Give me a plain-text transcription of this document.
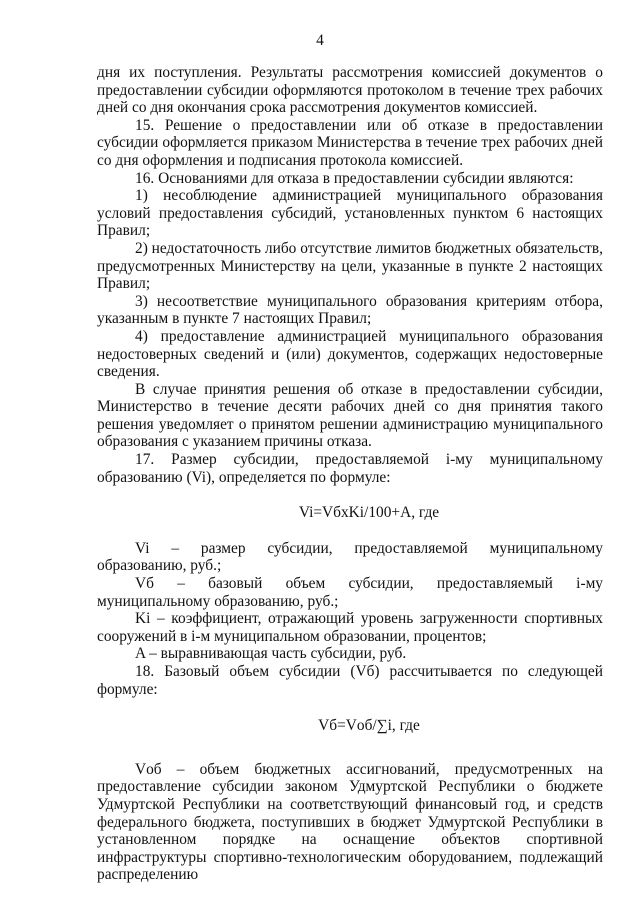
4

дня их поступления. Результаты рассмотрения комиссией документов о предоставлении субсидии оформляются протоколом в течение трех рабочих дней со дня окончания срока рассмотрения документов комиссией.

15. Решение о предоставлении или об отказе в предоставлении субсидии оформляется приказом Министерства в течение трех рабочих дней со дня оформления и подписания протокола комиссией.

16. Основаниями для отказа в предоставлении субсидии являются:

1) несоблюдение администрацией муниципального образования условий предоставления субсидий, установленных пунктом 6 настоящих Правил;

2) недостаточность либо отсутствие лимитов бюджетных обязательств, предусмотренных Министерству на цели, указанные в пункте 2 настоящих Правил;

3) несоответствие муниципального образования критериям отбора, указанным в пункте 7 настоящих Правил;

4) предоставление администрацией муниципального образования недостоверных сведений и (или) документов, содержащих недостоверные сведения.

В случае принятия решения об отказе в предоставлении субсидии, Министерство в течение десяти рабочих дней со дня принятия такого решения уведомляет о принятом решении администрацию муниципального образования с указанием причины отказа.

17. Размер субсидии, предоставляемой i-му муниципальному образованию (Vi), определяется по формуле:

Vi=VбxKi/100+A, где

Vi – размер субсидии, предоставляемой муниципальному образованию, руб.;

Vб – базовый объем субсидии, предоставляемый i-му муниципальному образованию, руб.;

Ki – коэффициент, отражающий уровень загруженности спортивных сооружений в i-м муниципальном образовании, процентов;

A – выравнивающая часть субсидии, руб.

18. Базовый объем субсидии (Vб) рассчитывается по следующей формуле:

Vб=Vоб/∑i, где

Vоб – объем бюджетных ассигнований, предусмотренных на предоставление субсидии законом Удмуртской Республики о бюджете Удмуртской Республики на соответствующий финансовый год, и средств федерального бюджета, поступивших в бюджет Удмуртской Республики в установленном порядке на оснащение объектов спортивной инфраструктуры спортивно-технологическим оборудованием, подлежащий распределению
